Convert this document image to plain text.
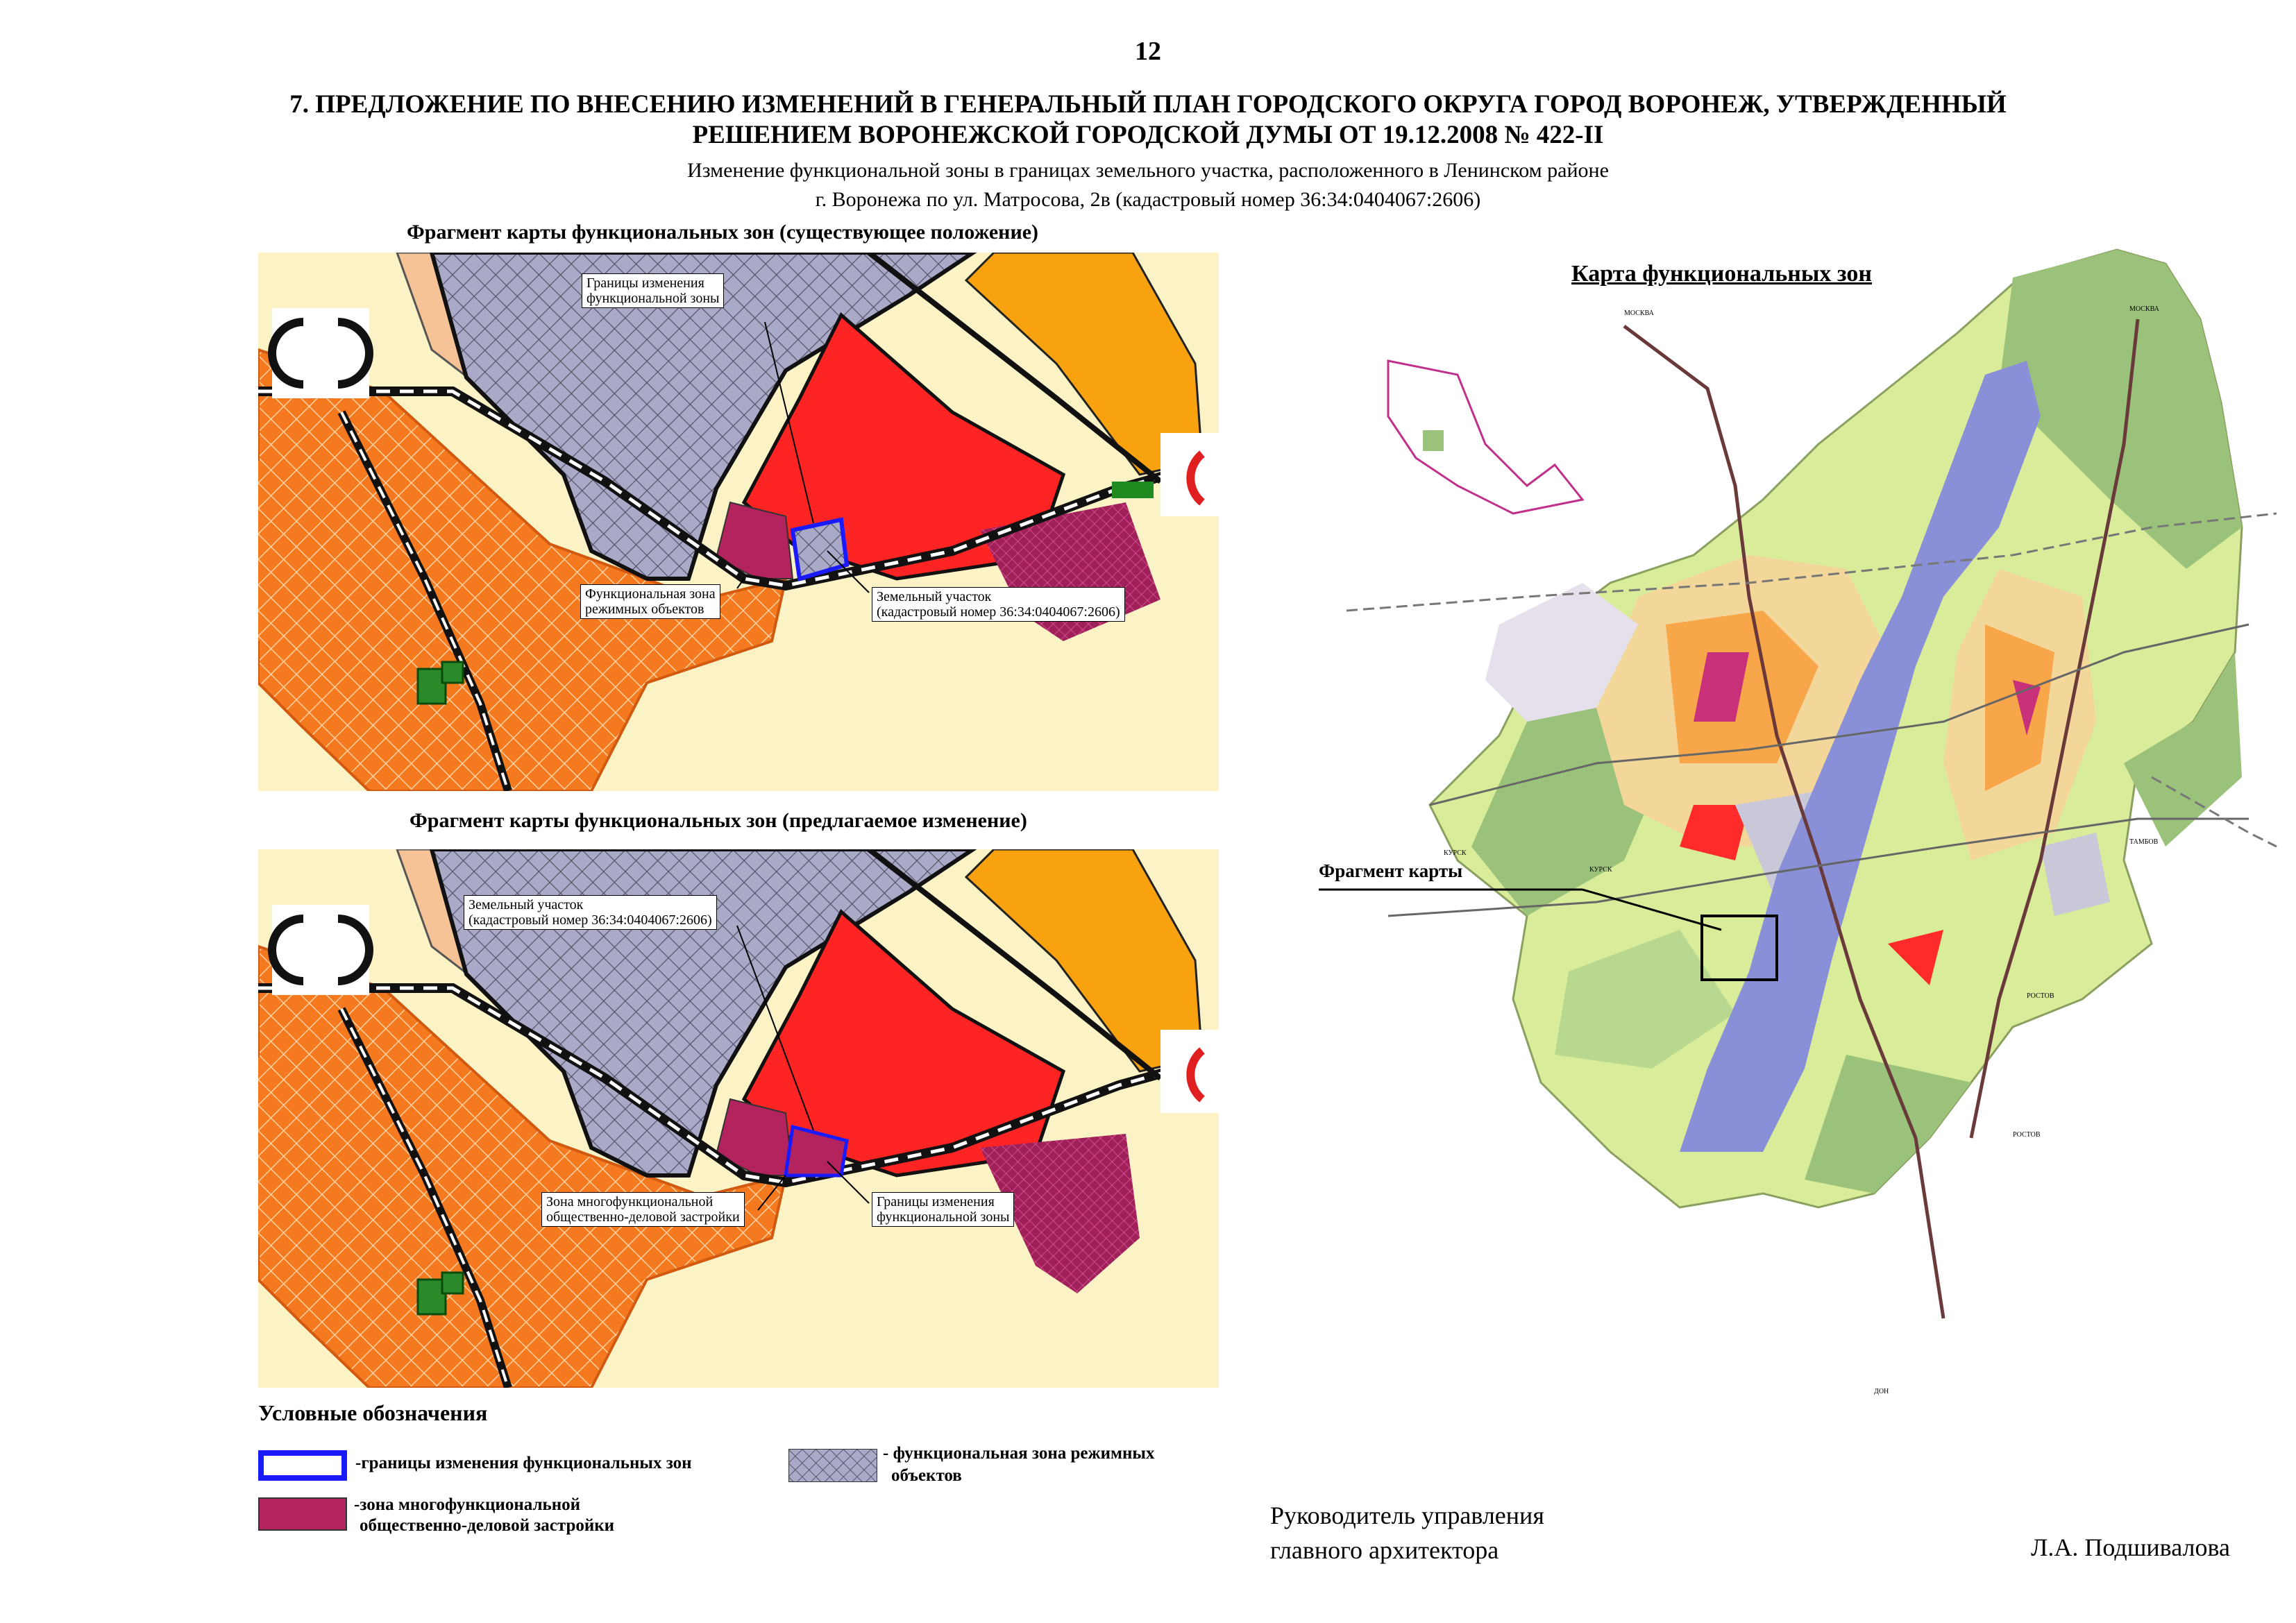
12
7. ПРЕДЛОЖЕНИЕ ПО ВНЕСЕНИЮ ИЗМЕНЕНИЙ В ГЕНЕРАЛЬНЫЙ ПЛАН ГОРОДСКОГО ОКРУГА ГОРОД ВОРОНЕЖ, УТВЕРЖДЕННЫЙ
РЕШЕНИЕМ ВОРОНЕЖСКОЙ ГОРОДСКОЙ ДУМЫ ОТ 19.12.2008 № 422-II
Изменение функциональной зоны в границах земельного участка, расположенного в Ленинском районе
г. Воронежа по ул. Матросова, 2в (кадастровый номер 36:34:0404067:2606)
Фрагмент карты функциональных зон (существующее положение)
Границы изменения
функциональной зоны
Функциональная зона
режимных объектов
Земельный участок
(кадастровый номер 36:34:0404067:2606)
Фрагмент карты функциональных зон (предлагаемое изменение)
Земельный участок
(кадастровый номер 36:34:0404067:2606)
Зона многофункциональной
общественно-деловой застройки
Границы изменения
функциональной зоны
Условные обозначения
-границы изменения функциональных зон
-зона многофункциональной
общественно-деловой застройки
- функциональная зона режимных
объектов
Карта функциональных зон
Фрагмент карты
МОСКВА
МОСКВА
КУРСК
КУРСК
ТАМБОВ
РОСТОВ
РОСТОВ
ДОН
Руководитель управления
главного архитектора	Л.А. Подшивалова
